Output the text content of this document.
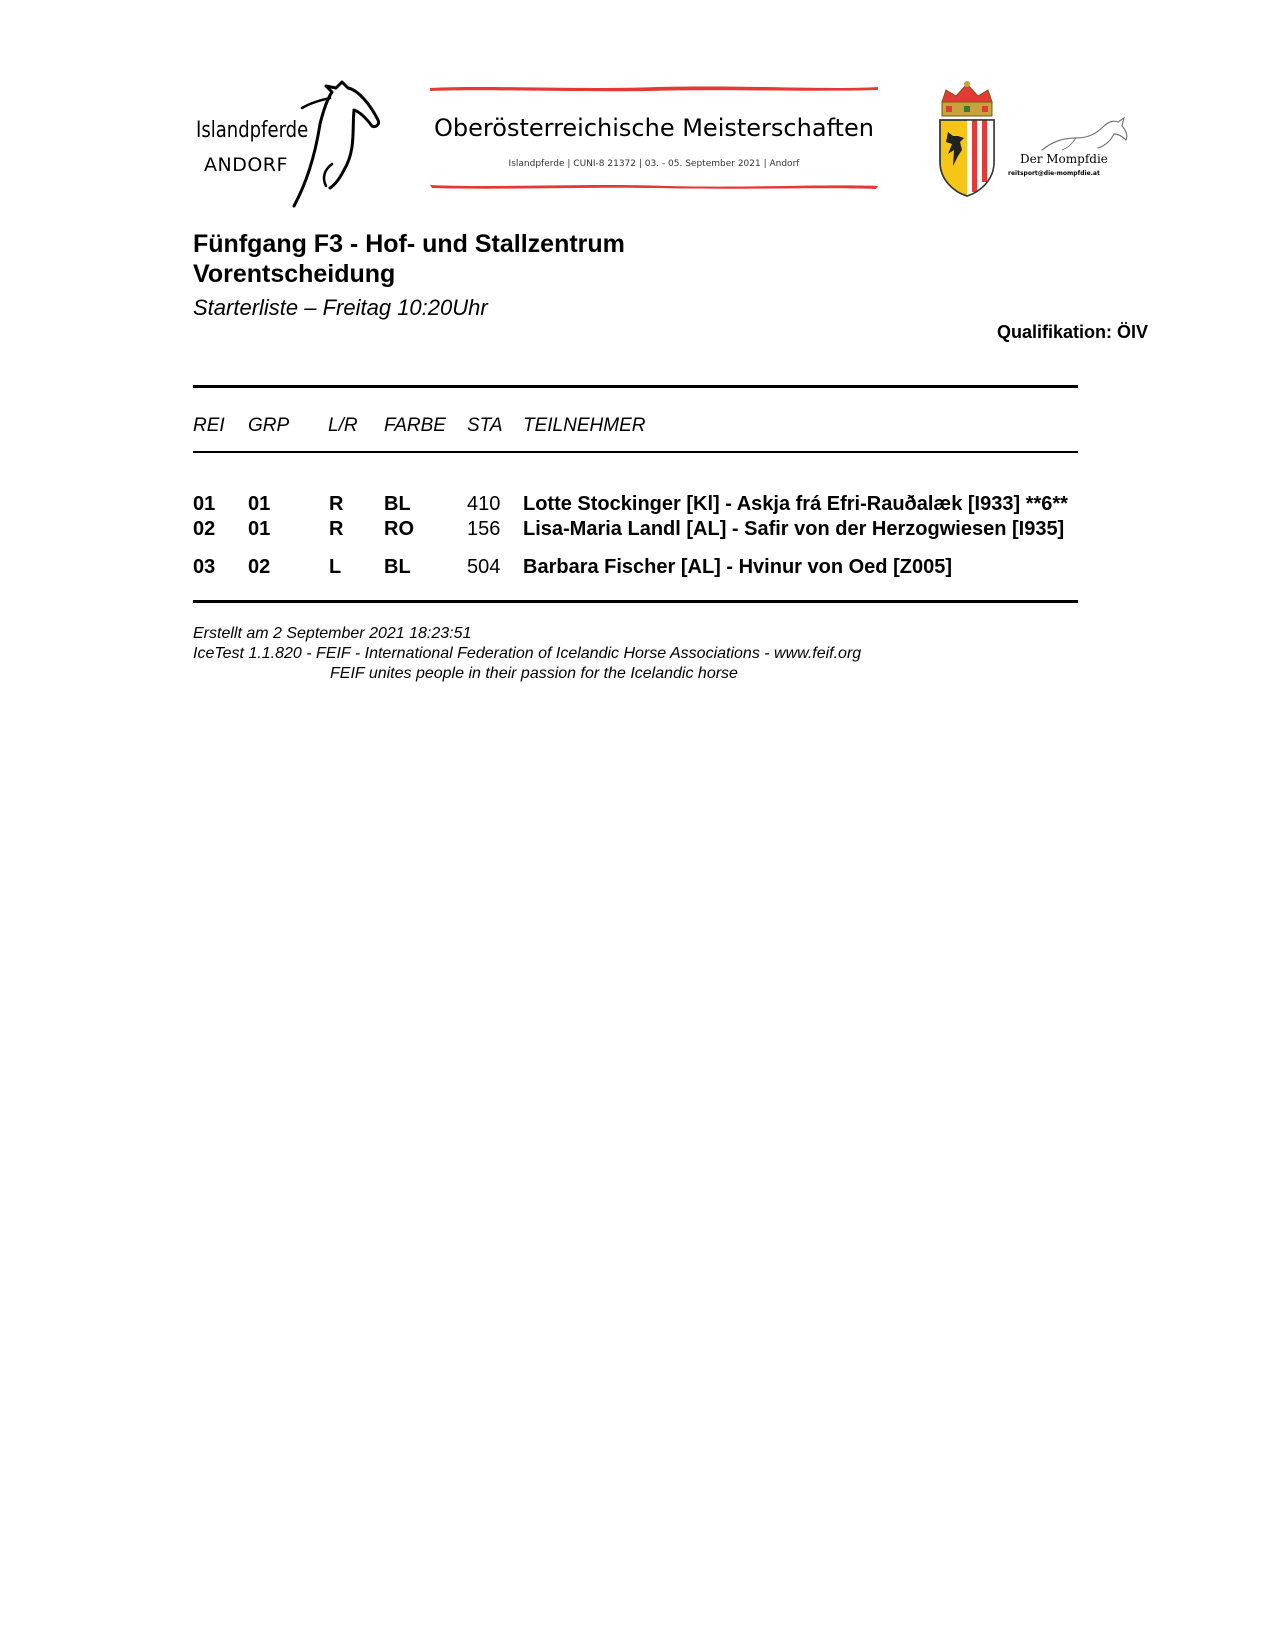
Islandpferde
ANDORF
Oberösterreichische Meisterschaften
Islandpferde | CUNI-8 21372 | 03. - 05. September 2021 | Andorf	Der Mompfdie
reitsport@die-mompfdie.at
Fünfgang F3 - Hof- und Stallzentrum
Vorentscheidung
Starterliste – Freitag 10:20Uhr
Qualifikation: ÖIV
REI GRP L/R FARBE STA TEILNEHMER
01 01	R BL	410 Lotte Stockinger [Kl] - Askja frá Efri-Rauðalæk [I933] **6**
02 01	R RO	156 Lisa-Maria Landl [AL] - Safir von der Herzogwiesen [I935]
03 02	L BL	504 Barbara Fischer [AL] - Hvinur von Oed [Z005]
Erstellt am 2 September 2021 18:23:51
IceTest 1.1.820 - FEIF - International Federation of Icelandic Horse Associations - www.feif.org
FEIF unites people in their passion for the Icelandic horse
